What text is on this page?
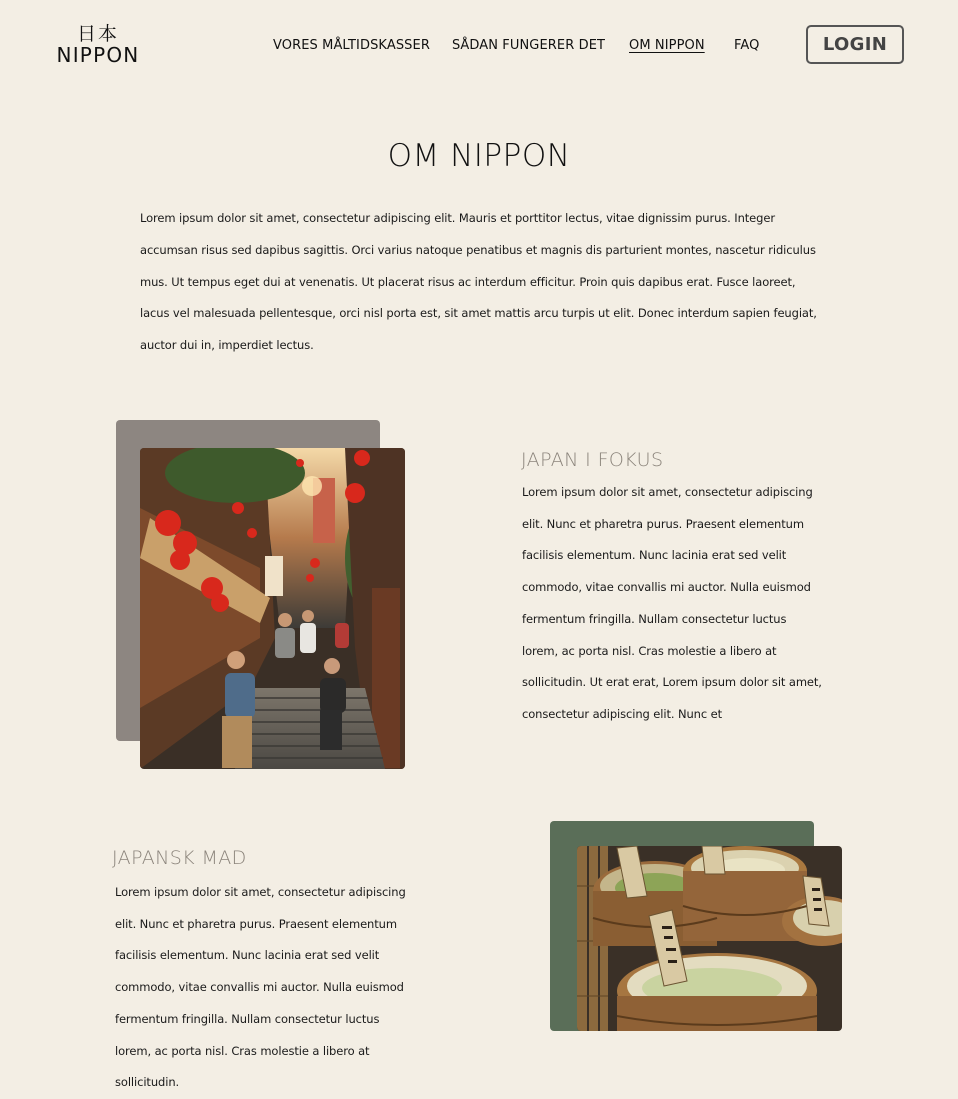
日本
NIPPON	VORES MÅLTIDSKASSER SÅDAN FUNGERER DET OM NIPPON FAQ	LOGIN
OM NIPPON

Lorem ipsum dolor sit amet, consectetur adipiscing elit. Mauris et porttitor lectus, vitae dignissim purus. Integer accumsan risus sed dapibus sagittis. Orci varius natoque penatibus et magnis dis parturient montes, nascetur ridiculus mus. Ut tempus eget dui at venenatis. Ut placerat risus ac interdum efficitur. Proin quis dapibus erat. Fusce laoreet, lacus vel malesuada pellentesque, orci nisl porta est, sit amet mattis arcu turpis ut elit. Donec interdum sapien feugiat, auctor dui in, imperdiet lectus.

JAPAN I FOKUS

Lorem ipsum dolor sit amet, consectetur adipiscing elit. Nunc et pharetra purus. Praesent elementum facilisis elementum. Nunc lacinia erat sed velit commodo, vitae convallis mi auctor. Nulla euismod fermentum fringilla. Nullam consectetur luctus lorem, ac porta nisl. Cras molestie a libero at sollicitudin. Ut erat erat, Lorem ipsum dolor sit amet, consectetur adipiscing elit. Nunc et

JAPANSK MAD

Lorem ipsum dolor sit amet, consectetur adipiscing elit. Nunc et pharetra purus. Praesent elementum facilisis elementum. Nunc lacinia erat sed velit commodo, vitae convallis mi auctor. Nulla euismod fermentum fringilla. Nullam consectetur luctus lorem, ac porta nisl. Cras molestie a libero at sollicitudin.
